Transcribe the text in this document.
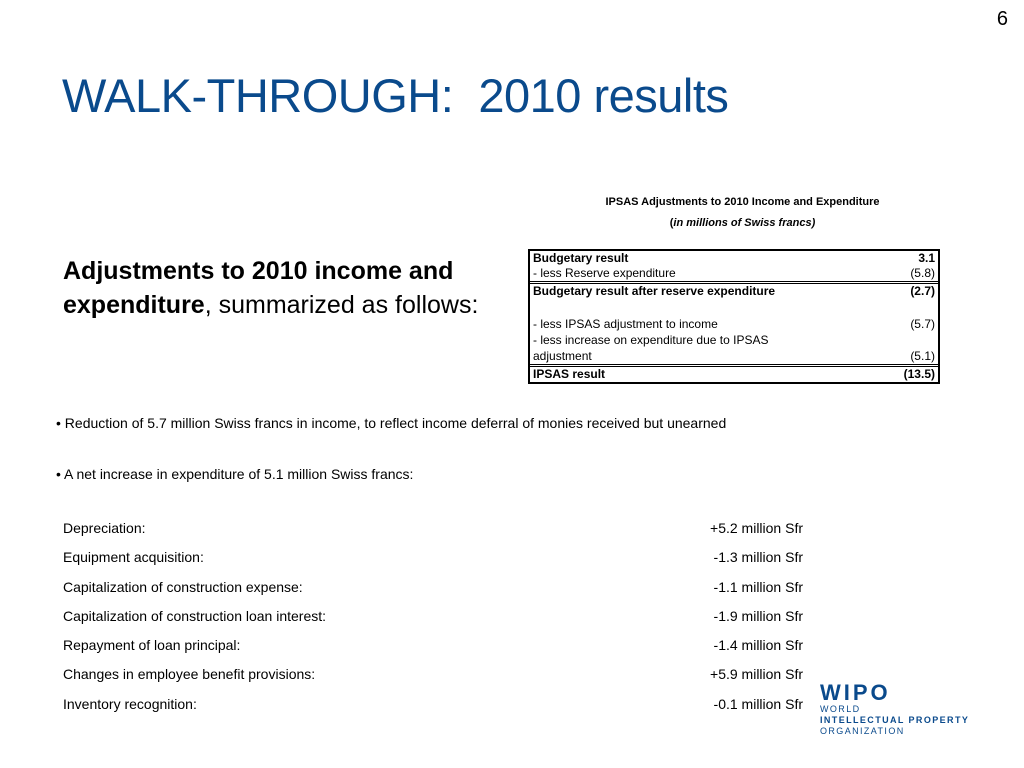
6
WALK-THROUGH:  2010 results
IPSAS Adjustments to 2010 Income and Expenditure
(in millions of Swiss francs)
Budgetary result	3.1
- less Reserve expenditure	(5.8)
Budgetary result after reserve expenditure	(2.7)
- less IPSAS adjustment to income	(5.7)
- less increase on expenditure due to IPSAS adjustment	(5.1)
IPSAS result	(13.5)
Adjustments to 2010 income and expenditure, summarized as follows:
• Reduction of 5.7 million Swiss francs in income, to reflect income deferral of monies received but unearned
• A net increase in expenditure of 5.1 million Swiss francs:
Depreciation:	+5.2 million Sfr
Equipment acquisition:	-1.3 million Sfr
Capitalization of construction expense:	-1.1 million Sfr
Capitalization of construction loan interest:	-1.9 million Sfr
Repayment of loan principal:	-1.4 million Sfr
Changes in employee benefit provisions:	+5.9 million Sfr
Inventory recognition:	-0.1 million Sfr WIPO
WORLD
INTELLECTUAL PROPERTY
ORGANIZATION
